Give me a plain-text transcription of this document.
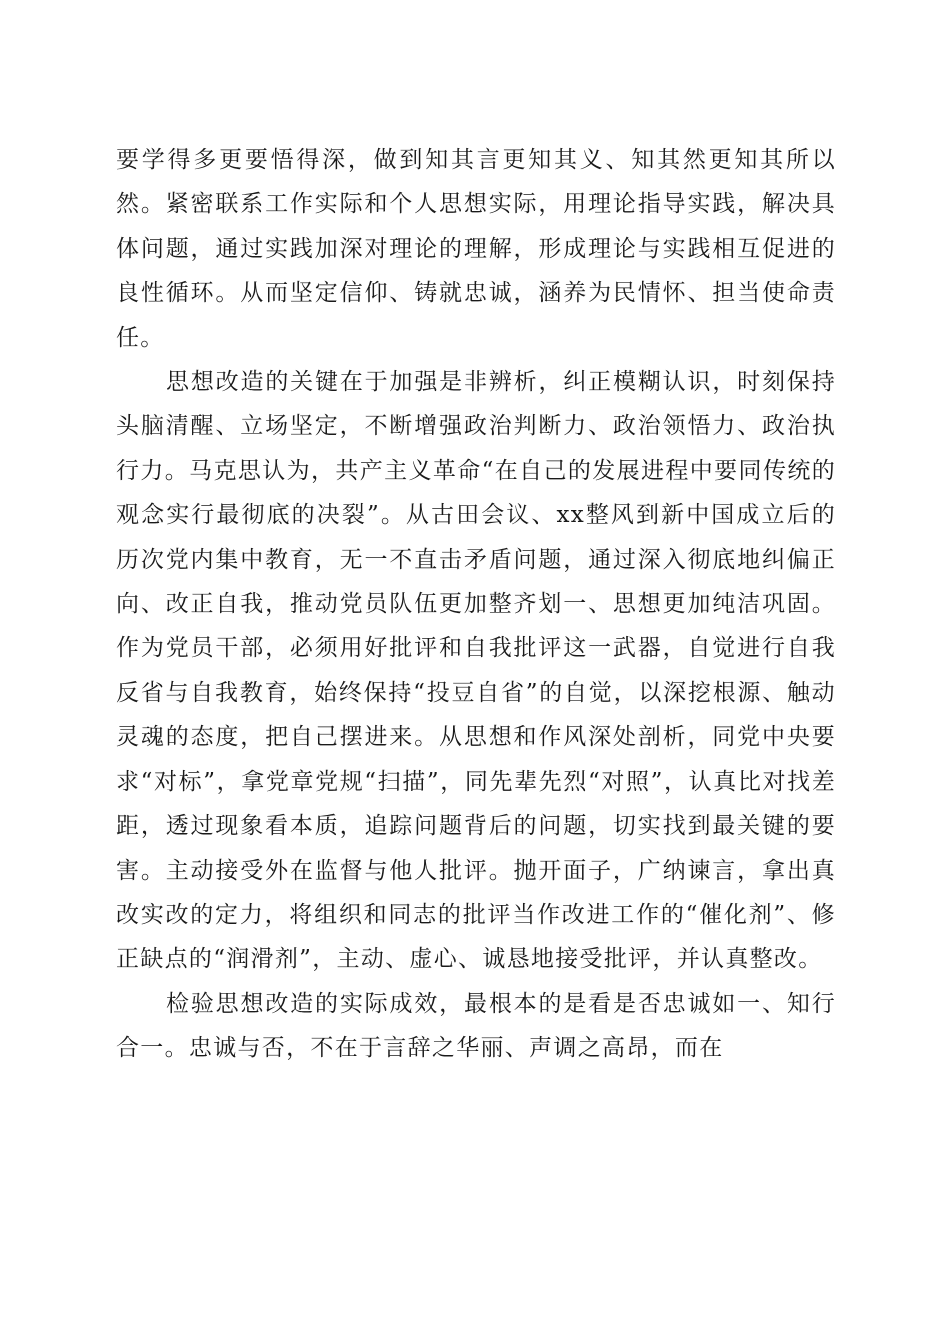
要学得多更要悟得深，做到知其言更知其义、知其然更知其所以然。紧密联系工作实际和个人思想实际，用理论指导实践，解决具体问题，通过实践加深对理论的理解，形成理论与实践相互促进的良性循环。从而坚定信仰、铸就忠诚，涵养为民情怀、担当使命责任。

思想改造的关键在于加强是非辨析，纠正模糊认识，时刻保持头脑清醒、立场坚定，不断增强政治判断力、政治领悟力、政治执行力。马克思认为，共产主义革命“在自己的发展进程中要同传统的观念实行最彻底的决裂”。从古田会议、xx整风到新中国成立后的历次党内集中教育，无一不直击矛盾问题，通过深入彻底地纠偏正向、改正自我，推动党员队伍更加整齐划一、思想更加纯洁巩固。作为党员干部，必须用好批评和自我批评这一武器，自觉进行自我反省与自我教育，始终保持“投豆自省”的自觉，以深挖根源、触动灵魂的态度，把自己摆进来。从思想和作风深处剖析，同党中央要求“对标”，拿党章党规“扫描”，同先辈先烈“对照”，认真比对找差距，透过现象看本质，追踪问题背后的问题，切实找到最关键的要害。主动接受外在监督与他人批评。抛开面子，广纳谏言，拿出真改实改的定力，将组织和同志的批评当作改进工作的“催化剂”、修正缺点的“润滑剂”，主动、虚心、诚恳地接受批评，并认真整改。

检验思想改造的实际成效，最根本的是看是否忠诚如一、知行合一。忠诚与否，不在于言辞之华丽、声调之高昂，而在
